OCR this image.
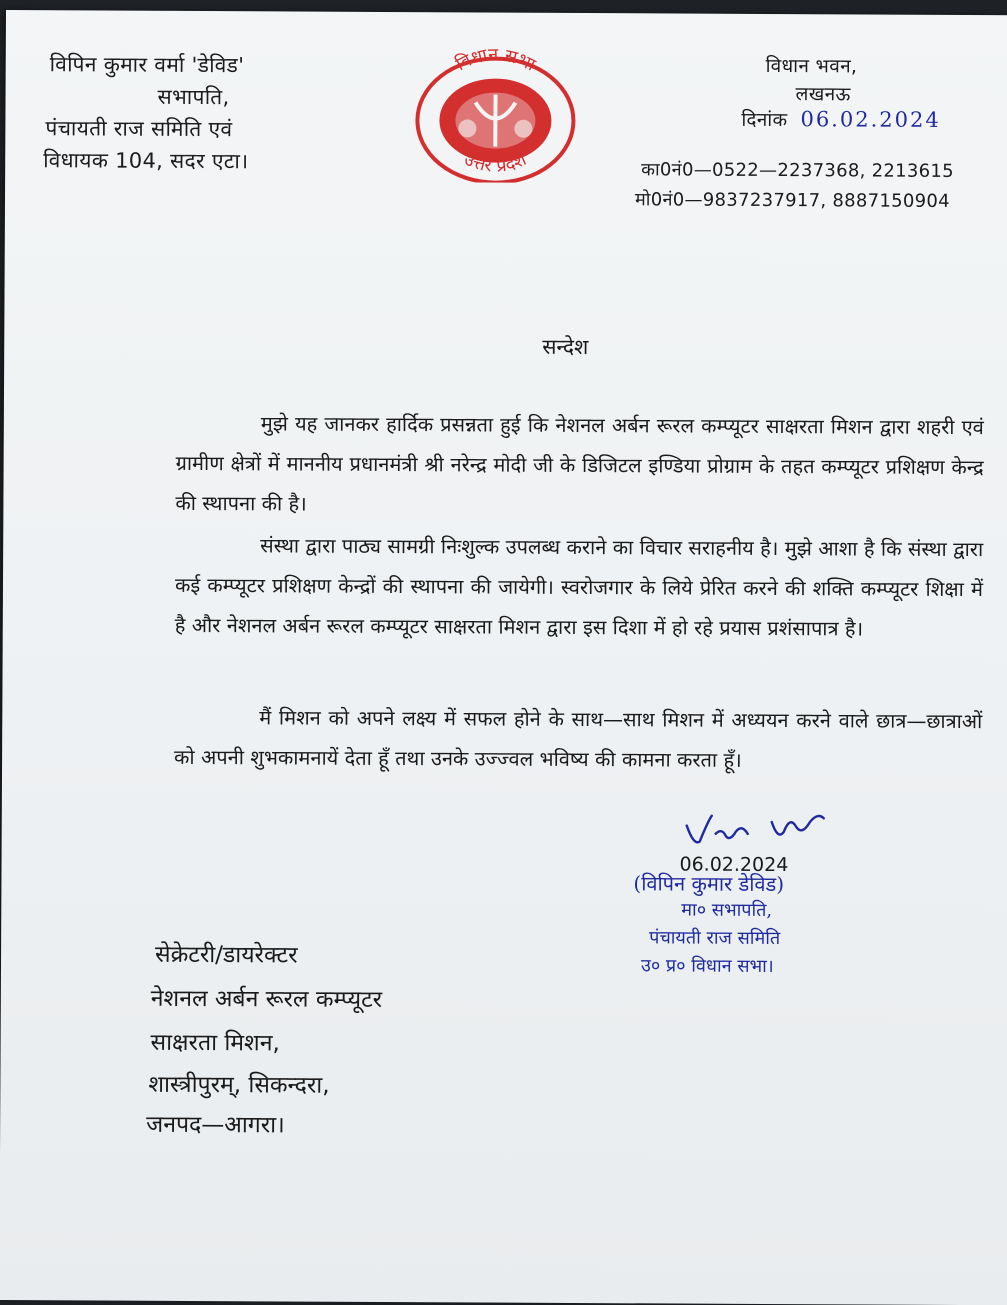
विपिन कुमार वर्मा 'डेविड'
सभापति,
पंचायती राज समिति एवं
विधायक 104, सदर एटा।
विधान सभा
उत्तर प्रदेश
विधान भवन,
लखनऊ
दिनांक 06.02.2024
का0नं0—0522—2237368, 2213615
मो0नं0—9837237917, 8887150904
सन्देश
मुझे यह जानकर हार्दिक प्रसन्नता हुई कि नेशनल अर्बन रूरल कम्प्यूटर साक्षरता मिशन द्वारा शहरी एवं ग्रामीण क्षेत्रों में माननीय प्रधानमंत्री श्री नरेन्द्र मोदी जी के डिजिटल इण्डिया प्रोग्राम के तहत कम्प्यूटर प्रशिक्षण केन्द्र की स्थापना की है।
संस्था द्वारा पाठ्य सामग्री निःशुल्क उपलब्ध कराने का विचार सराहनीय है। मुझे आशा है कि संस्था द्वारा कई कम्प्यूटर प्रशिक्षण केन्द्रों की स्थापना की जायेगी। स्वरोजगार के लिये प्रेरित करने की शक्ति कम्प्यूटर शिक्षा में है और नेशनल अर्बन रूरल कम्प्यूटर साक्षरता मिशन द्वारा इस दिशा में हो रहे प्रयास प्रशंसापात्र है।
मैं मिशन को अपने लक्ष्य में सफल होने के साथ—साथ मिशन में अध्ययन करने वाले छात्र—छात्राओं को अपनी शुभकामनायें देता हूँ तथा उनके उज्ज्वल भविष्य की कामना करता हूँ।
06.02.2024
(विपिन कुमार डेविड)
मा० सभापति,
पंचायती राज समिति
उ० प्र० विधान सभा।
सेक्रेटरी/डायरेक्टर
नेशनल अर्बन रूरल कम्प्यूटर
साक्षरता मिशन,
शास्त्रीपुरम्, सिकन्दरा,
जनपद—आगरा।
